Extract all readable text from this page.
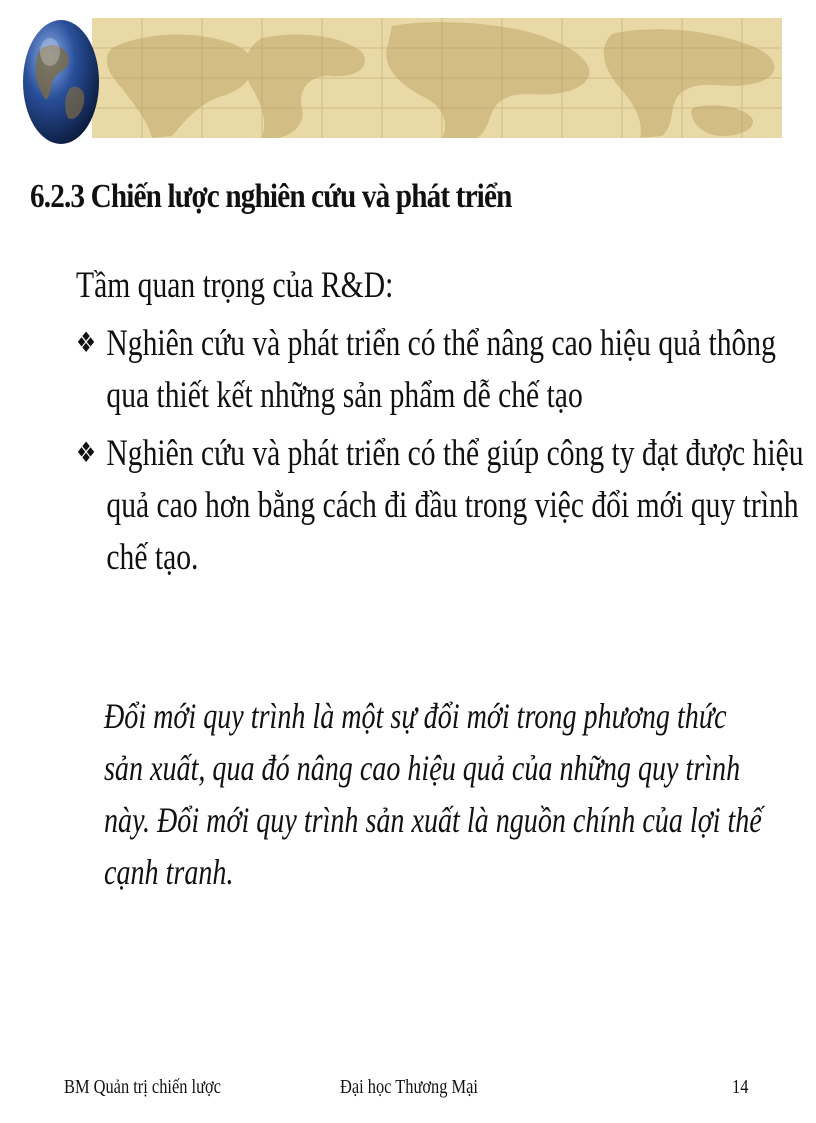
6.2.3 Chiến lược nghiên cứu và phát triển
Tầm quan trọng của R&D:
❖ Nghiên cứu và phát triển có thể nâng cao hiệu quả thông
qua thiết kết những sản phẩm dễ chế tạo
❖ Nghiên cứu và phát triển có thể giúp công ty đạt được hiệu
quả cao hơn bằng cách đi đầu trong việc đổi mới quy trình
chế tạo.
Đổi mới quy trình là một sự đổi mới trong phương thức
sản xuất, qua đó nâng cao hiệu quả của những quy trình
này. Đổi mới quy trình sản xuất là nguồn chính của lợi thế
cạnh tranh.
BM Quản trị chiến lược	Đại học Thương Mại	14
